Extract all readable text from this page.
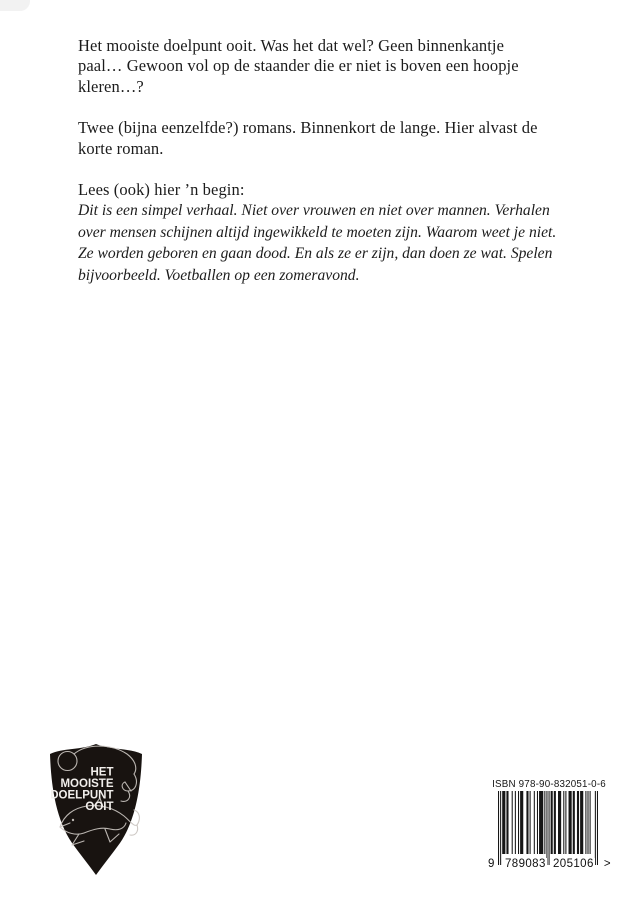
Het mooiste doelpunt ooit. Was het dat wel? Geen binnenkantje
paal… Gewoon vol op de staander die er niet is boven een hoopje
kleren…?

Twee (bijna eenzelfde?) romans. Binnenkort de lange. Hier alvast de
korte roman.

Lees (ook) hier ’n begin:
Dit is een simpel verhaal. Niet over vrouwen en niet over mannen. Verhalen
over mensen schijnen altijd ingewikkeld te moeten zijn. Waarom weet je niet.
Ze worden geboren en gaan dood. En als ze er zijn, dan doen ze wat. Spelen
bijvoorbeeld. Voetballen op een zomeravond.

HET
MOOISTE
DOELPUNT
OOIT
ISBN 978-90-832051-0-6
9 789083 205106 >
